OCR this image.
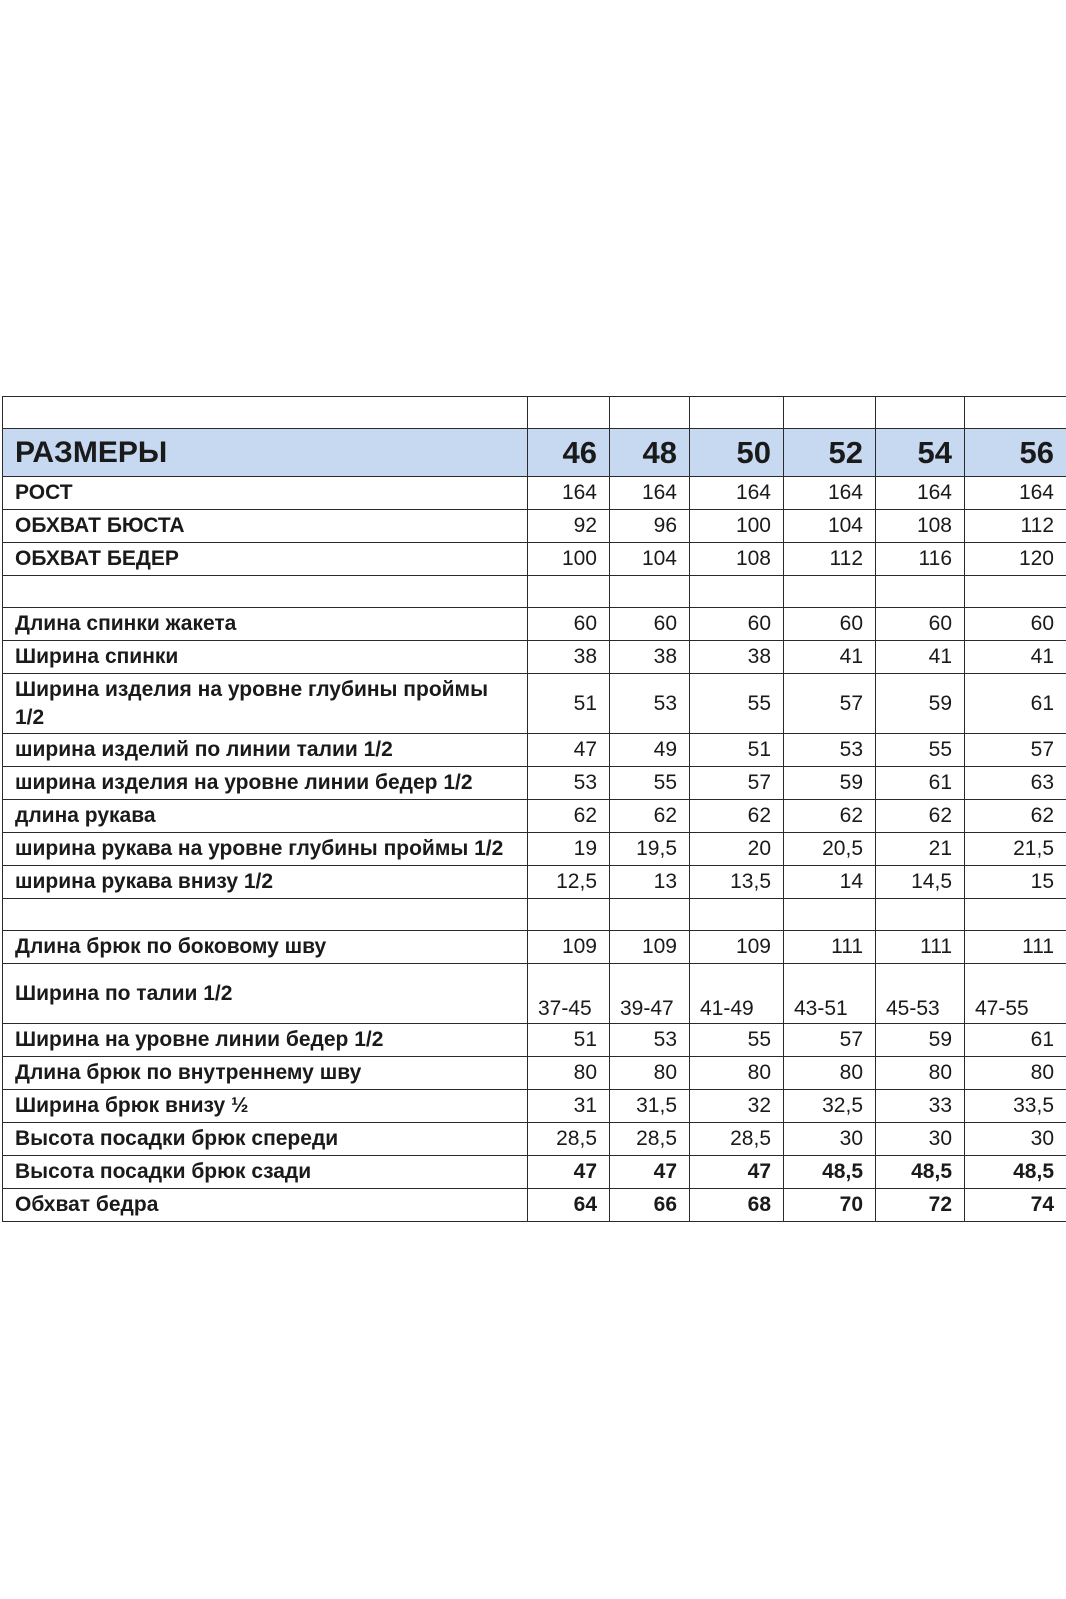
РАЗМЕРЫ	46	48	50	52	54	56
РОСТ	164	164	164	164	164	164
ОБХВАТ БЮСТА	92	96	100	104	108	112
ОБХВАТ БЕДЕР	100	104	108	112	116	120

Длина спинки жакета	60	60	60	60	60	60
Ширина спинки	38	38	38	41	41	41
Ширина изделия на уровне глубины проймы 1/2	51	53	55	57	59	61
ширина изделий по линии талии 1/2	47	49	51	53	55	57
ширина изделия на уровне линии бедер 1/2	53	55	57	59	61	63
длина рукава	62	62	62	62	62	62
ширина рукава на уровне глубины проймы 1/2	19	19,5	20	20,5	21	21,5
ширина рукава внизу 1/2	12,5	13	13,5	14	14,5	15

Длина брюк по боковому шву	109	109	109	111	111	111
Ширина по талии 1/2	37-45	39-47	41-49	43-51	45-53	47-55
Ширина на уровне линии бедер 1/2	51	53	55	57	59	61
Длина брюк по внутреннему шву	80	80	80	80	80	80
Ширина брюк внизу ½	31	31,5	32	32,5	33	33,5
Высота посадки брюк спереди	28,5	28,5	28,5	30	30	30
Высота посадки брюк сзади	47	47	47	48,5	48,5	48,5
Обхват бедра	64	66	68	70	72	74
